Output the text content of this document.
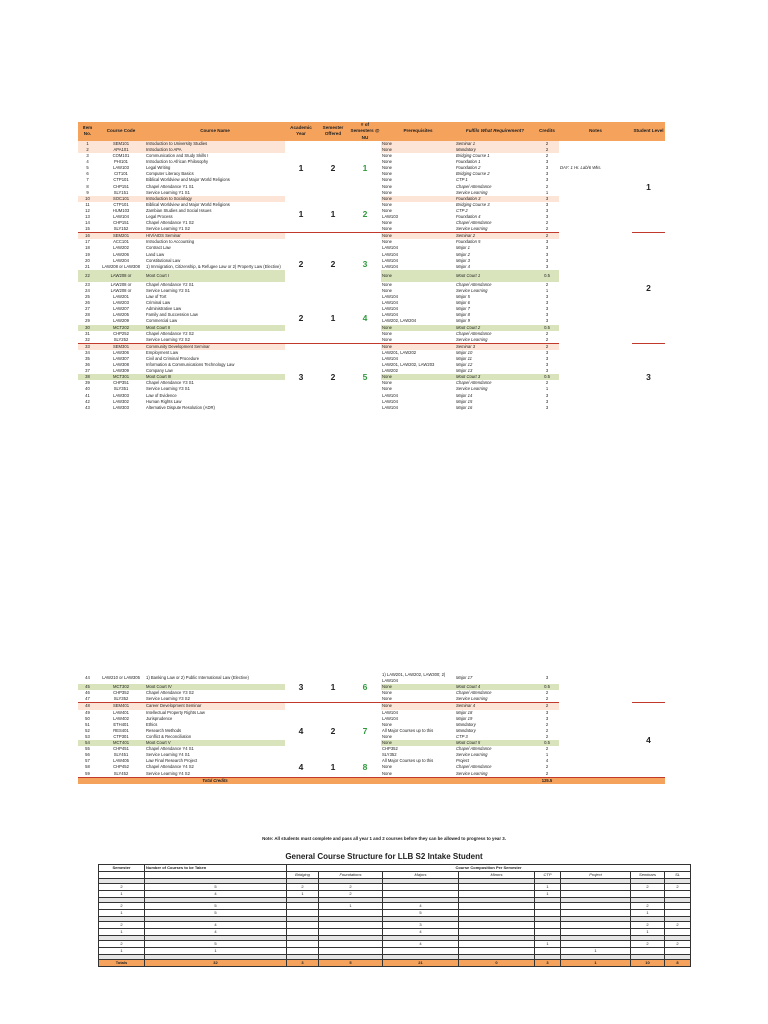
Item No.	Course Code	Course Name	Academic Year	Semester Offered	# of Semesters @ NU	Prerequisites	Fulfils What Requirement?	Credits	Notes	Student Level
1	SEM101	Introduction to University Studies	1	2	1	None	Seminar 1	2	DAY: 1 Hr. Lab/6 Wks.	1
2	APA101	Introduction to APA				None	Mandatory	2		
3	COM101	Communication and Study Skills I				None	Bridging Course 1	2		
4	PHI101	Introduction to African Philosophy				None	Foundation 1	3		
5	LAW103	Legal Writing				None	Foundation 2	3		
6	CIT101	Computer Literacy Basics				None	Bridging Course 2	3		
7	CTP101	Biblical Worldview and Major World Religions				None	CTP 1	3		
8	CHP151	Chapel Attendance Y1 S1				None	Chapel Attendance	2		
9	SLY151	Service Learning Y1 S1				None	Service Learning	1		
10	SOC101	Introduction to Sociology	1	1	2	None	Foundation 3	3		
11	CTP101	Biblical Worldview and Major World Religions				None	Bridging Course 3	3		
12	HUM103	Zambian Studies and Social Issues				None	CTP 2	3		
13	LAW104	Legal Process				LAW103	Foundation 4	3		
14	CHP151	Chapel Attendance Y1 S2				None	Chapel Attendance	2		
15	SLY152	Service Learning Y1 S2				None	Service Learning	2		
16	SEM201	HIV/AIDS Seminar	2	2	3	None	Seminar 2	2		2
17	ACC101	Introduction to Accounting				None	Foundation 5	3		
18	LAW202	Contract Law				LAW104	Major 1	3		
19	LAW206	Land Law				LAW104	Major 2	3		
20	LAW204	Constitutional Law				LAW104	Major 3	3		
21	LAW208 or LAW308	1) Immigration, Citizenship, & Refugee Law or 2) Property Law (Elective)				LAW104	Major 4	3		
22	LAW208 or	Moot Court I				None	Moot Court 1	0.5		
23	LAW208 or	Chapel Attendance Y2 S1				None	Chapel Attendance	2		
24	LAW208 or	Service Learning Y2 S1				None	Service Learning	1		
25	LAW201	Law of Tort	2	1	4	LAW104	Major 5	3		
26	LAW203	Criminal Law				LAW104	Major 6	3		
27	LAW207	Administrative Law				LAW104	Major 7	3		
28	LAW205	Family and Succession Law				LAW104	Major 8	3		
29	LAW209	Commercial Law				LAW202, LAW204	Major 9	3		
30	MCT202	Moot Court II				None	Moot Court 2	0.5		
31	CHP252	Chapel Attendance Y2 S2				None	Chapel Attendance	2		
32	SLY252	Service Learning Y2 S2				None	Service Learning	2		
33	SEM301	Community Development Seminar	3	2	5	None	Seminar 3	2		3
34	LAW306	Employment Law				LAW201, LAW202	Major 10	3		
35	LAW307	Civil and Criminal Procedure				LAW104	Major 11	3		
36	LAW308	Information & Communications Technology Law				LAW201, LAW202, LAW203	Major 12	3		
37	LAW309	Company Law				LAW202	Major 13	3		
38	MCT301	Moot Court III				None	Moot Court 3	0.5		
39	CHP351	Chapel Attendance Y3 S1				None	Chapel Attendance	2		
40	SLY351	Service Learning Y3 S1				None	Service Learning	1		
41	LAW303	Law of Evidence				LAW104	Major 14	3		
42	LAW302	Human Rights Law				LAW104	Major 15	3		
43	LAW303	Alternative Dispute Resolution (ADR)				LAW104	Major 16	3		
44	LAW210 or LAW305	1) Banking Law or 2) Public International Law (Elective)	3	1	6	1) LAW201, LAW202, LAW300; 2) LAW104	Major 17	3		
45	MCT302	Moot Court IV				None	Moot Court 4	0.5		
46	CHP352	Chapel Attendance Y3 S2				None	Chapel Attendance	2		
47	SLY352	Service Learning Y3 S2				None	Service Learning	2		
48	SEM401	Career Development Seminar	4	2	7	None	Seminar 4	2		4
49	LAW401	Intellectual Property Rights Law				LAW104	Major 18	3		
50	LAW402	Jurisprudence				LAW104	Major 19	3		
51	ETH401	Ethics				None	Mandatory	2		
52	RES401	Research Methods				All Major Courses up to this	Mandatory	2		
53	CTP301	Conflict & Reconciliation				None	CTP 3	2		
54	MCT401	Moot Court V				None	Moot Court 5	0.5		
55	CHP451	Chapel Attendance Y4 S1				CHP352	Chapel Attendance	2		
56	SLY451	Service Learning Y4 S1				SLY352	Service Learning	1		
57	LAW405	Law Final Research Project	4	1	8	All Major Courses up to this	Project	4		
58	CHP452	Chapel Attendance Y4 S2				None	Chapel Attendance	2		
59	SLY452	Service Learning Y4 S2				None	Service Learning	2		
		Total Credits						125.5		
Note: All students must complete and pass all year 1 and 2 courses before they can be allowed to progress to year 3.
General Course Structure for LLB S2 Intake Student
Semester	Number of Courses to be Taken	Course Composition Per Semester							
		Bridging	Foundations	Majors	Minors	CTP	Project	Seminars	SL

2	5	2	2			1		2	2
1	4	1	2			1			

2	5		1	4				2	
1	5			5				1	

2	4			3				2	2
1	4			4				1	

2	5			4		1		2	2
1	1						1		

Totals	32	3	5	21	0	3	1	10	8
